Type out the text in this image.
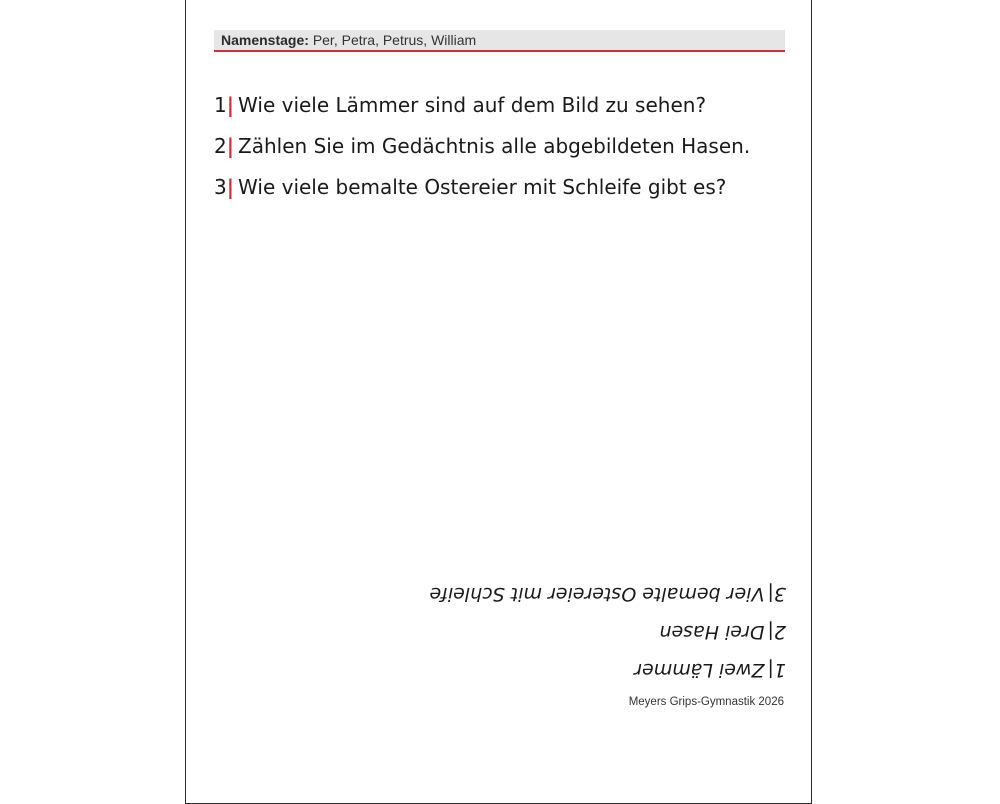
Namenstage: Per, Petra, Petrus, William
1| Wie viele Lämmer sind auf dem Bild zu sehen?
2| Zählen Sie im Gedächtnis alle abgebildeten Hasen.
3| Wie viele bemalte Ostereier mit Schleife gibt es?
1|Zwei Lämmer
2|Drei Hasen
3|Vier bemalte Ostereier mit Schleife
Meyers Grips-Gymnastik 2026
